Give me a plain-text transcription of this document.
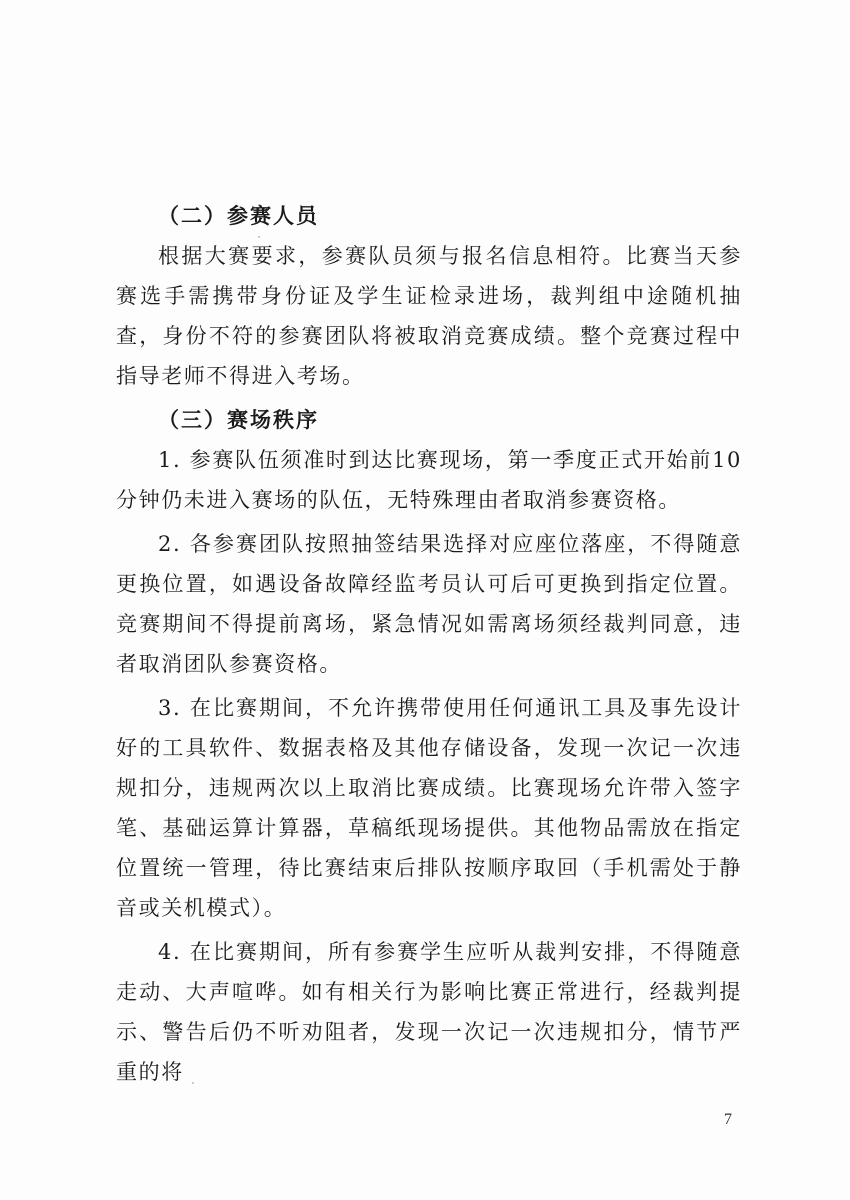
（二）参赛人员

根据大赛要求，参赛队员须与报名信息相符。比赛当天参赛选手需携带身份证及学生证检录进场，裁判组中途随机抽查，身份不符的参赛团队将被取消竞赛成绩。整个竞赛过程中指导老师不得进入考场。

（三）赛场秩序

1. 参赛队伍须准时到达比赛现场，第一季度正式开始前10分钟仍未进入赛场的队伍，无特殊理由者取消参赛资格。

2. 各参赛团队按照抽签结果选择对应座位落座，不得随意更换位置，如遇设备故障经监考员认可后可更换到指定位置。竞赛期间不得提前离场，紧急情况如需离场须经裁判同意，违者取消团队参赛资格。

3. 在比赛期间，不允许携带使用任何通讯工具及事先设计好的工具软件、数据表格及其他存储设备，发现一次记一次违规扣分，违规两次以上取消比赛成绩。比赛现场允许带入签字笔、基础运算计算器，草稿纸现场提供。其他物品需放在指定位置统一管理，待比赛结束后排队按顺序取回（手机需处于静音或关机模式）。

4. 在比赛期间，所有参赛学生应听从裁判安排，不得随意走动、大声喧哗。如有相关行为影响比赛正常进行，经裁判提示、警告后仍不听劝阻者，发现一次记一次违规扣分，情节严重的将

7
